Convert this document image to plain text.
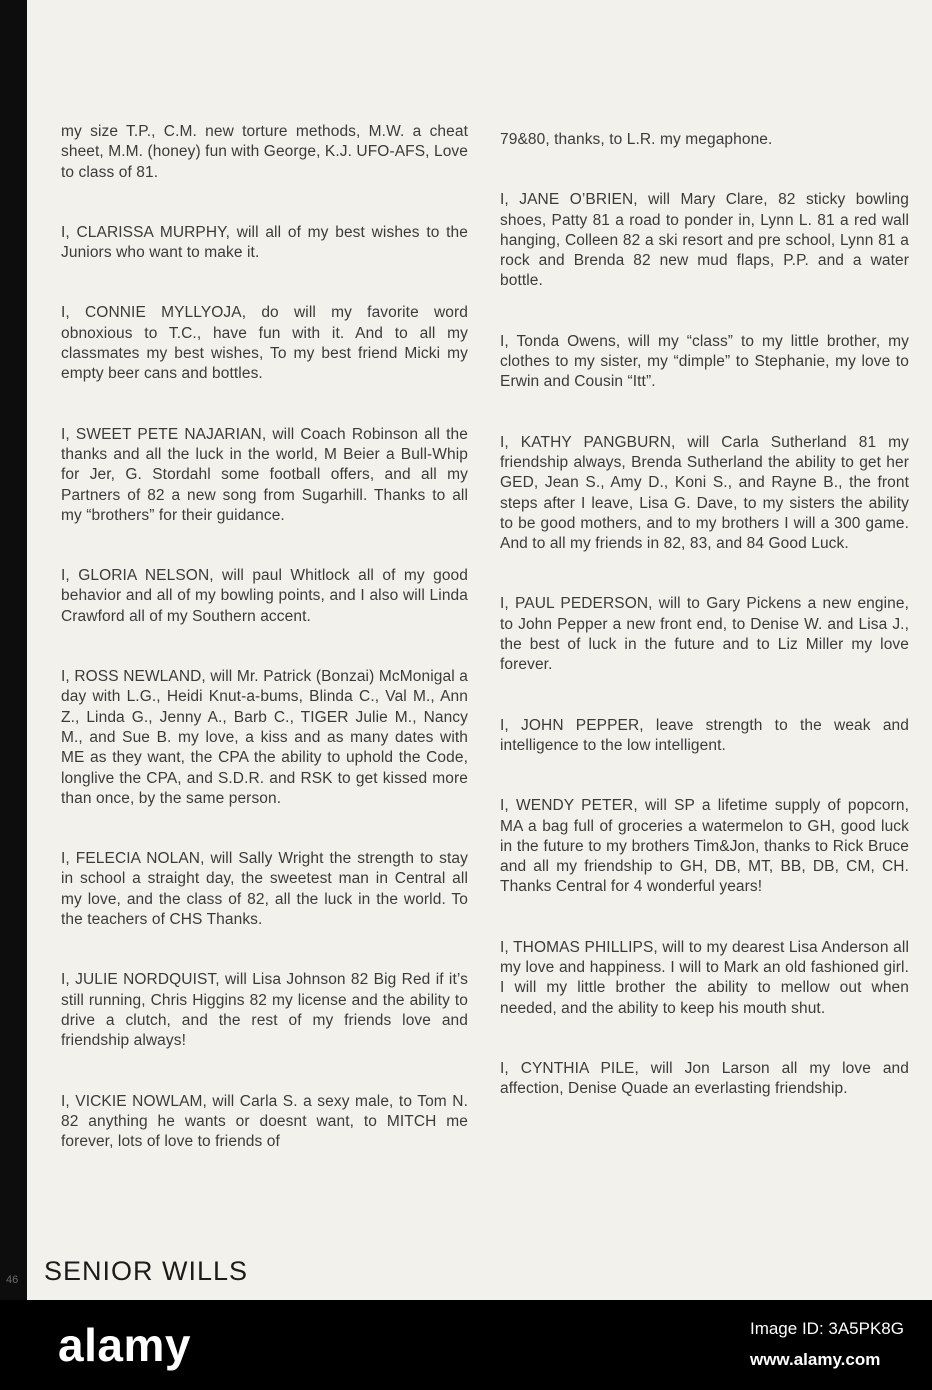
my size T.P., C.M. new torture methods, M.W. a cheat sheet, M.M. (honey) fun with George, K.J. UFO-AFS, Love to class of 81.

I, CLARISSA MURPHY, will all of my best wishes to the Juniors who want to make it.

I, CONNIE MYLLYOJA, do will my favorite word obnoxious to T.C., have fun with it. And to all my classmates my best wishes, To my best friend Micki my empty beer cans and bottles.

I, SWEET PETE NAJARIAN, will Coach Robinson all the thanks and all the luck in the world, M Beier a Bull-Whip for Jer, G. Stordahl some football offers, and all my Partners of 82 a new song from Sugarhill. Thanks to all my “brothers” for their guidance.

I, GLORIA NELSON, will paul Whitlock all of my good behavior and all of my bowling points, and I also will Linda Crawford all of my Southern accent.

I, ROSS NEWLAND, will Mr. Patrick (Bonzai) McMonigal a day with L.G., Heidi Knut-a-bums, Blinda C., Val M., Ann Z., Linda G., Jenny A., Barb C., TIGER Julie M., Nancy M., and Sue B. my love, a kiss and as many dates with ME as they want, the CPA the ability to uphold the Code, longlive the CPA, and S.D.R. and RSK to get kissed more than once, by the same person.

I, FELECIA NOLAN, will Sally Wright the strength to stay in school a straight day, the sweetest man in Central all my love, and the class of 82, all the luck in the world. To the teachers of CHS Thanks.

I, JULIE NORDQUIST, will Lisa Johnson 82 Big Red if it’s still running, Chris Higgins 82 my license and the ability to drive a clutch, and the rest of my friends love and friendship always!

I, VICKIE NOWLAM, will Carla S. a sexy male, to Tom N. 82 anything he wants or doesnt want, to MITCH me forever, lots of love to friends of

79&80, thanks, to L.R. my megaphone.

I, JANE O’BRIEN, will Mary Clare, 82 sticky bowling shoes, Patty 81 a road to ponder in, Lynn L. 81 a red wall hanging, Colleen 82 a ski resort and pre school, Lynn 81 a rock and Brenda 82 new mud flaps, P.P. and a water bottle.

I, Tonda Owens, will my “class” to my little brother, my clothes to my sister, my “dimple” to Stephanie, my love to Erwin and Cousin “Itt”.

I, KATHY PANGBURN, will Carla Sutherland 81 my friendship always, Brenda Sutherland the ability to get her GED, Jean S., Amy D., Koni S., and Rayne B., the front steps after I leave, Lisa G. Dave, to my sisters the ability to be good mothers, and to my brothers I will a 300 game. And to all my friends in 82, 83, and 84 Good Luck.

I, PAUL PEDERSON, will to Gary Pickens a new engine, to John Pepper a new front end, to Denise W. and Lisa J., the best of luck in the future and to Liz Miller my love forever.

I, JOHN PEPPER, leave strength to the weak and intelligence to the low intelligent.

I, WENDY PETER, will SP a lifetime supply of popcorn, MA a bag full of groceries a watermelon to GH, good luck in the future to my brothers Tim&Jon, thanks to Rick Bruce and all my friendship to GH, DB, MT, BB, DB, CM, CH. Thanks Central for 4 wonderful years!

I, THOMAS PHILLIPS, will to my dearest Lisa Anderson all my love and happiness. I will to Mark an old fashioned girl. I will my little brother the ability to mellow out when needed, and the ability to keep his mouth shut.

I, CYNTHIA PILE, will Jon Larson all my love and affection, Denise Quade an everlasting friendship.

46 SENIOR WILLS
alamy	Image ID: 3A5PK8G
www.alamy.com
